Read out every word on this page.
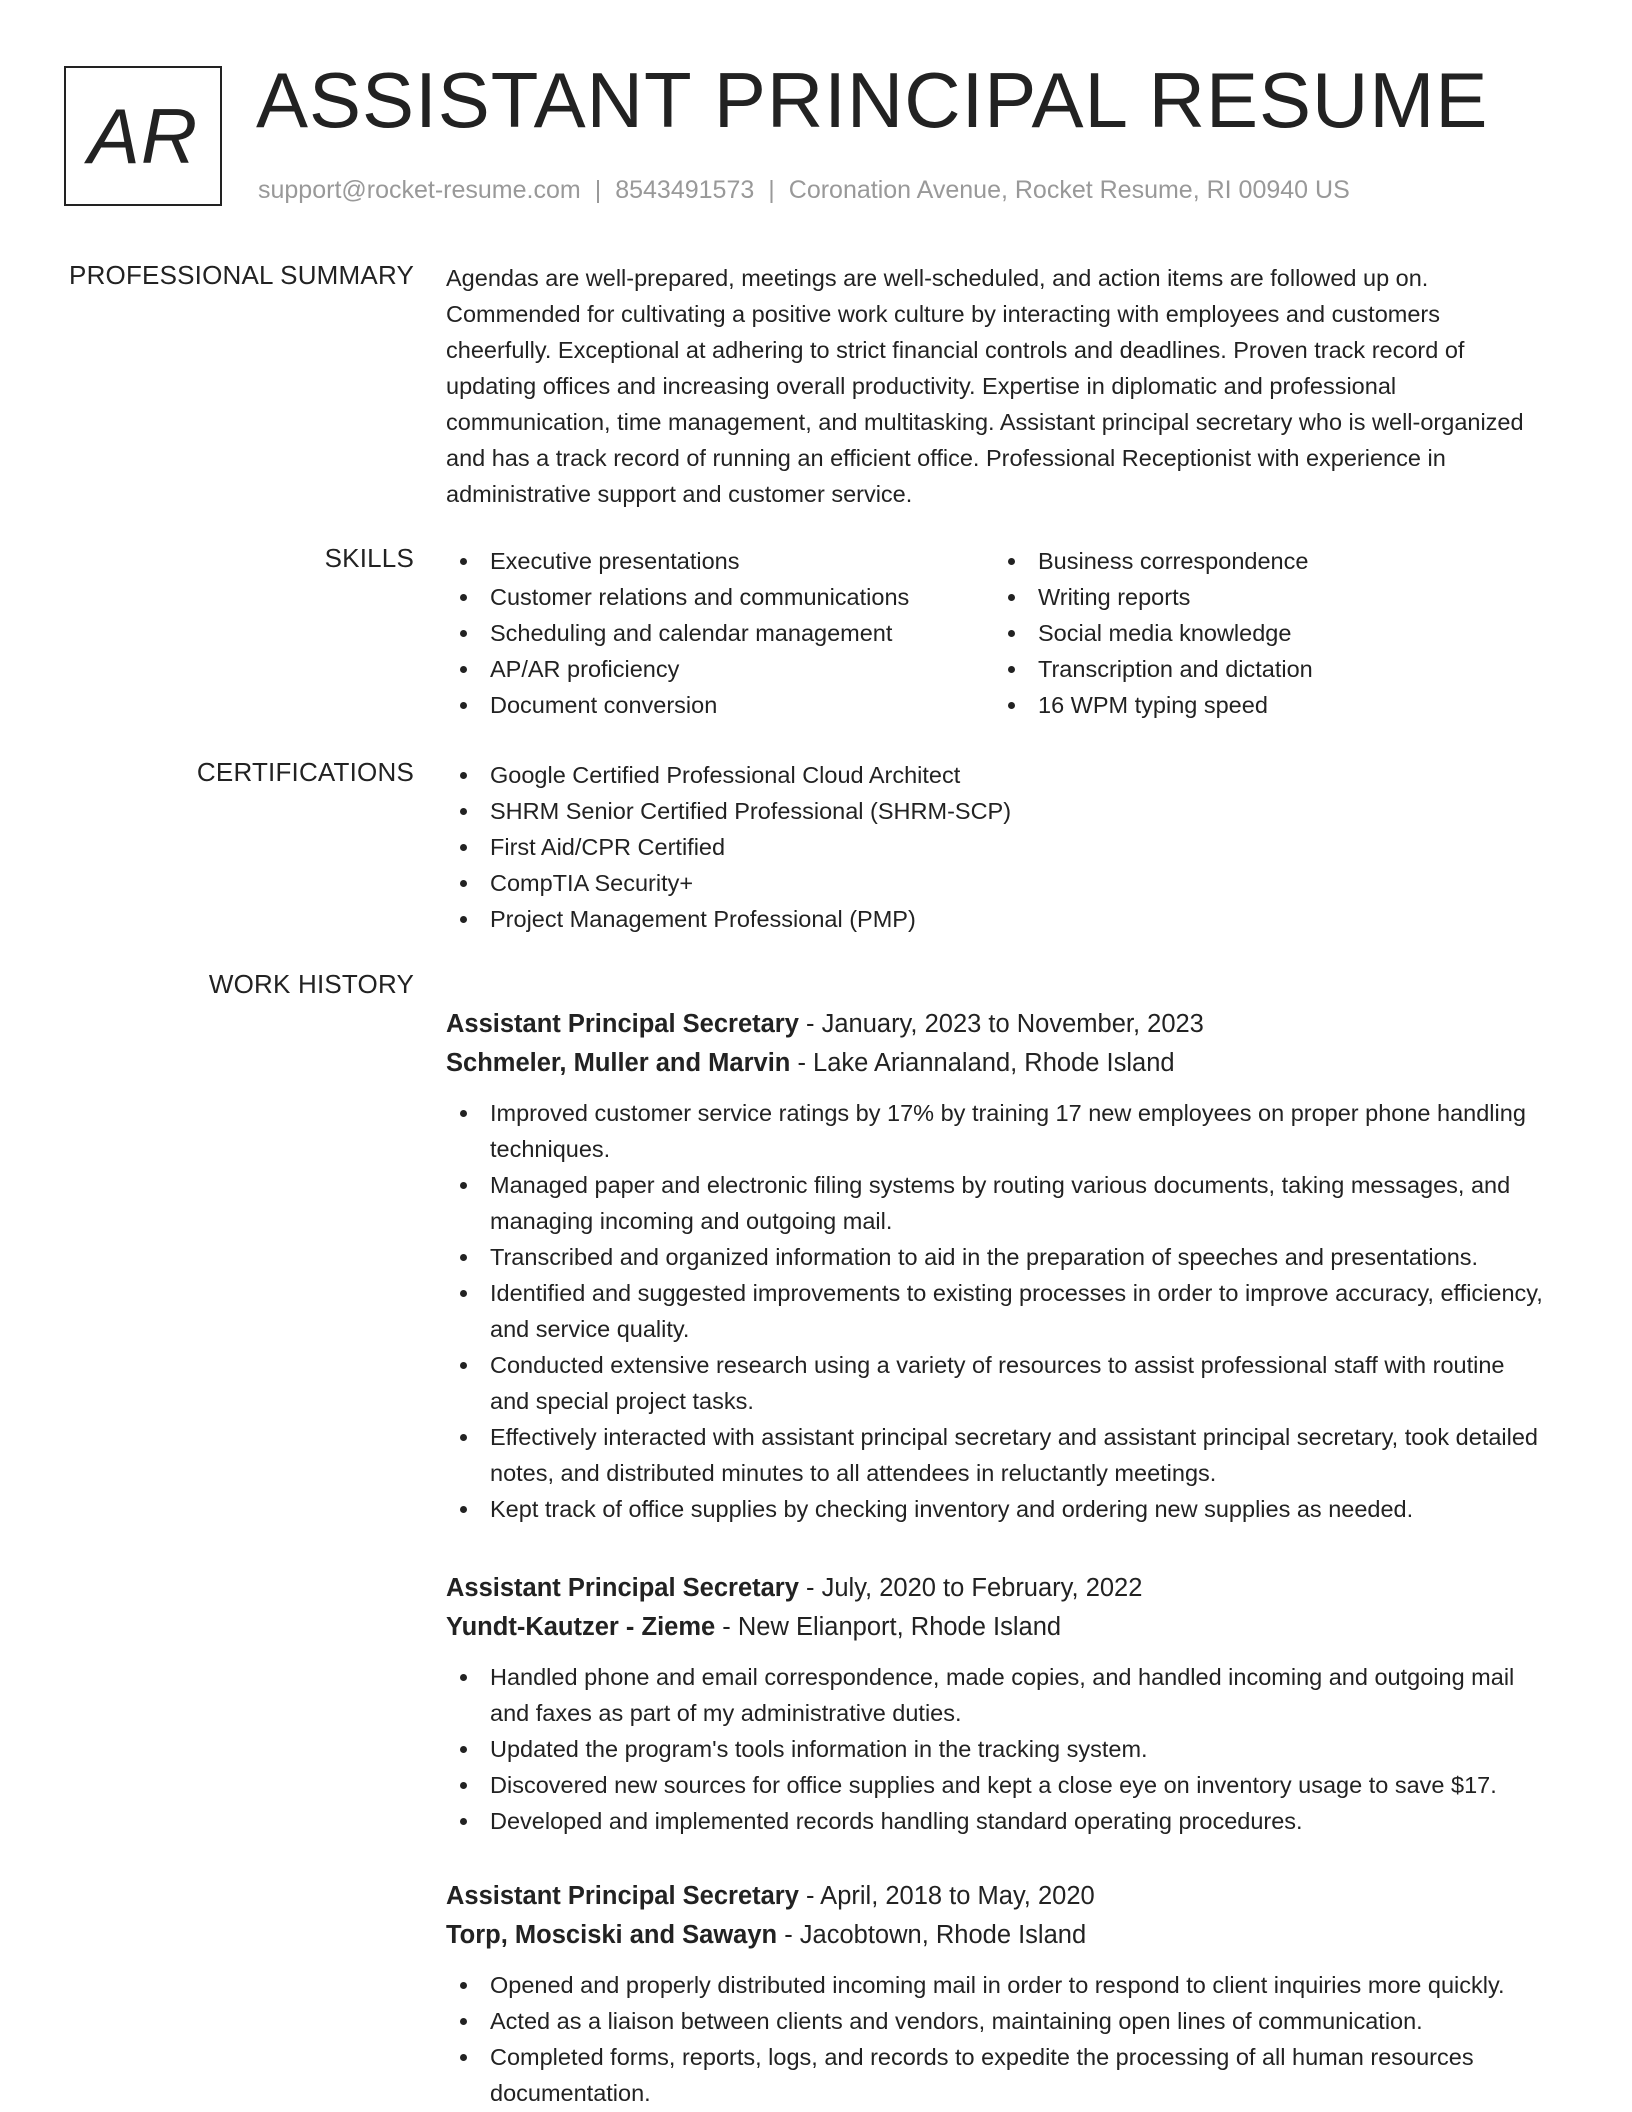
AR ASSISTANT PRINCIPAL RESUME
support@rocket-resume.com | 8543491573 | Coronation Avenue, Rocket Resume, RI 00940 US
PROFESSIONAL SUMMARY Agendas are well-prepared, meetings are well-scheduled, and action items are followed up on. Commended for cultivating a positive work culture by interacting with employees and customers cheerfully. Exceptional at adhering to strict financial controls and deadlines. Proven track record of updating offices and increasing overall productivity. Expertise in diplomatic and professional communication, time management, and multitasking. Assistant principal secretary who is well-organized and has a track record of running an efficient office. Professional Receptionist with experience in administrative support and customer service.

SKILLS	Executive presentations
Customer relations and communications
Scheduling and calendar management
AP/AR proficiency
Document conversion
Business correspondence
Writing reports
Social media knowledge
Transcription and dictation
16 WPM typing speed
CERTIFICATIONS	Google Certified Professional Cloud Architect
SHRM Senior Certified Professional (SHRM-SCP)
First Aid/CPR Certified
CompTIA Security+
Project Management Professional (PMP)
WORK HISTORY
Assistant Principal Secretary - January, 2023 to November, 2023
Schmeler, Muller and Marvin - Lake Ariannaland, Rhode Island
Improved customer service ratings by 17% by training 17 new employees on proper phone handling techniques.
Managed paper and electronic filing systems by routing various documents, taking messages, and managing incoming and outgoing mail.
Transcribed and organized information to aid in the preparation of speeches and presentations.
Identified and suggested improvements to existing processes in order to improve accuracy, efficiency, and service quality.
Conducted extensive research using a variety of resources to assist professional staff with routine and special project tasks.
Effectively interacted with assistant principal secretary and assistant principal secretary, took detailed notes, and distributed minutes to all attendees in reluctantly meetings.
Kept track of office supplies by checking inventory and ordering new supplies as needed.
Assistant Principal Secretary - July, 2020 to February, 2022
Yundt-Kautzer - Zieme - New Elianport, Rhode Island
Handled phone and email correspondence, made copies, and handled incoming and outgoing mail and faxes as part of my administrative duties.
Updated the program's tools information in the tracking system.
Discovered new sources for office supplies and kept a close eye on inventory usage to save $17.
Developed and implemented records handling standard operating procedures.
Assistant Principal Secretary - April, 2018 to May, 2020
Torp, Mosciski and Sawayn - Jacobtown, Rhode Island
Opened and properly distributed incoming mail in order to respond to client inquiries more quickly.
Acted as a liaison between clients and vendors, maintaining open lines of communication.
Completed forms, reports, logs, and records to expedite the processing of all human resources documentation.
